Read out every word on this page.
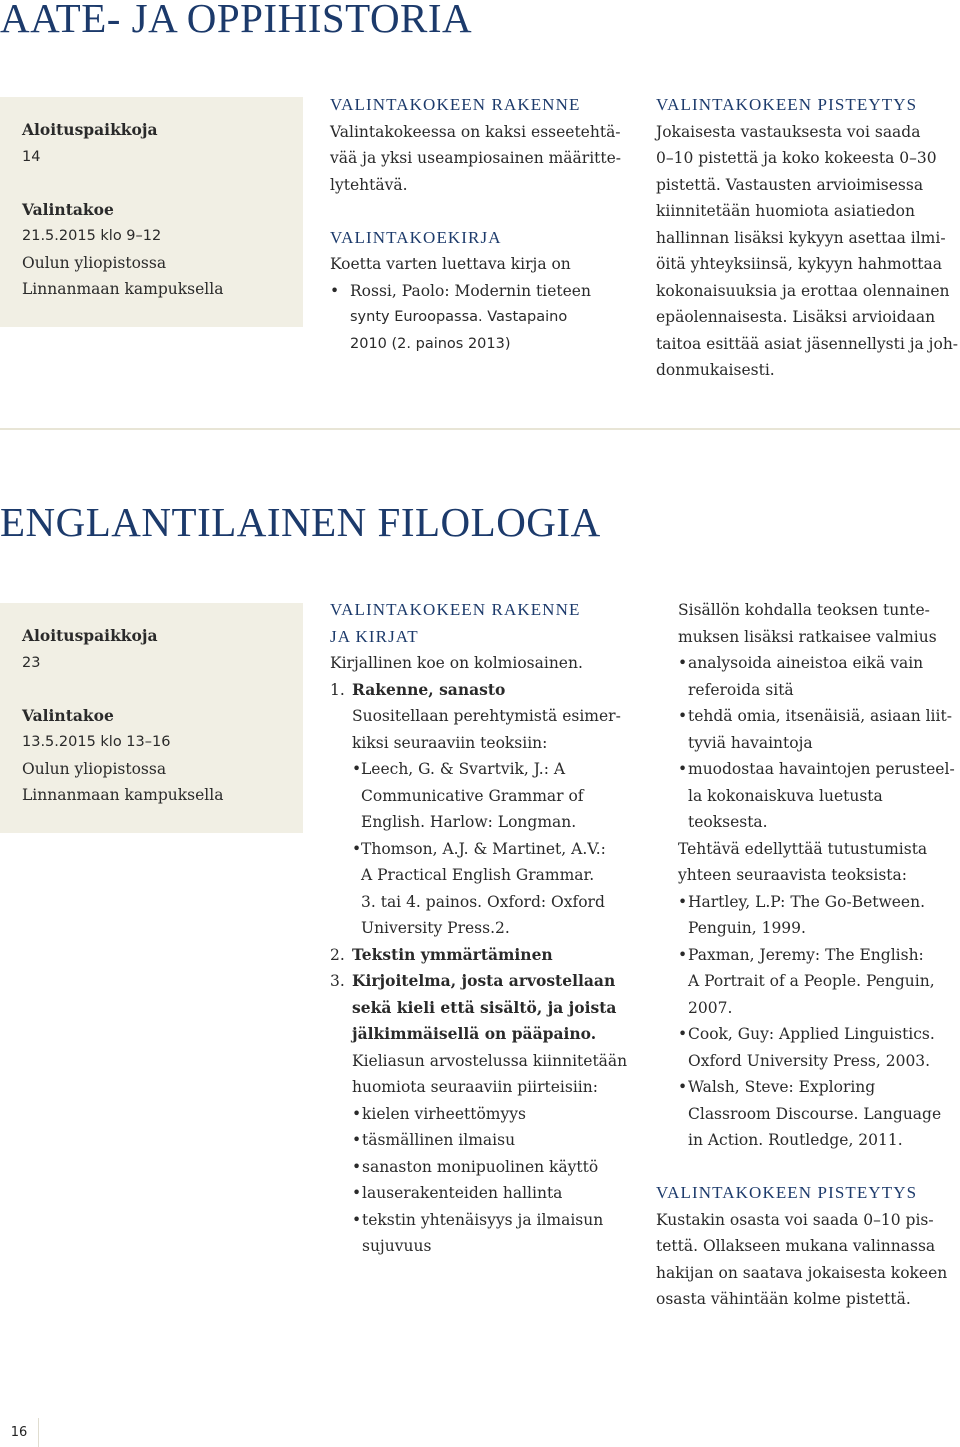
AATE- JA OPPIHISTORIA
Aloituspaikkoja
14
Valintakoe
21.5.2015 klo 9–12
Oulun yliopistossa
Linnanmaan kampuksella
VALINTAKOKEEN RAKENNE
Valintakokeessa on kaksi esseetehtä-
vää ja yksi useampiosainen määritte-
lytehtävä.
VALINTAKOEKIRJA
Koetta varten luettava kirja on
• Rossi, Paolo: Modernin tieteen
synty Euroopassa. Vastapaino
2010 (2. painos 2013)
VALINTAKOKEEN PISTEYTYS
Jokaisesta vastauksesta voi saada
0–10 pistettä ja koko kokeesta 0–30
pistettä. Vastausten arvioimisessa
kiinnitetään huomiota asiatiedon
hallinnan lisäksi kykyyn asettaa ilmi-
öitä yhteyksiinsä, kykyyn hahmottaa
kokonaisuuksia ja erottaa olennainen
epäolennaisesta. Lisäksi arvioidaan
taitoa esittää asiat jäsennellysti ja joh-
donmukaisesti.
ENGLANTILAINEN FILOLOGIA
Aloituspaikkoja
23
Valintakoe
13.5.2015 klo 13–16
Oulun yliopistossa
Linnanmaan kampuksella
VALINTAKOKEEN RAKENNE
JA KIRJAT
Kirjallinen koe on kolmiosainen.
1. Rakenne, sanasto
Suositellaan perehtymistä esimer-
kiksi seuraaviin teoksiin:
• Leech, G. & Svartvik, J.: A
Communicative Grammar of
English. Harlow: Longman.
• Thomson, A.J. & Martinet, A.V.:
A Practical English Grammar.
3. tai 4. painos. Oxford: Oxford
University Press.2.
2. Tekstin ymmärtäminen
3. Kirjoitelma, josta arvostellaan
sekä kieli että sisältö, ja joista
jälkimmäisellä on pääpaino.
Kieliasun arvostelussa kiinnitetään
huomiota seuraaviin piirteisiin:
• kielen virheettömyys
• täsmällinen ilmaisu
• sanaston monipuolinen käyttö
• lauserakenteiden hallinta
• tekstin yhtenäisyys ja ilmaisun
sujuvuus
Sisällön kohdalla teoksen tunte-
muksen lisäksi ratkaisee valmius
• analysoida aineistoa eikä vain
referoida sitä
• tehdä omia, itsenäisiä, asiaan liit-
tyviä havaintoja
• muodostaa havaintojen perusteel-
la kokonaiskuva luetusta teoksesta.
Tehtävä edellyttää tutustumista
yhteen seuraavista teoksista:
• Hartley, L.P: The Go-Between.
Penguin, 1999.
• Paxman, Jeremy: The English:
A Portrait of a People. Penguin,
2007.
• Cook, Guy: Applied Linguistics.
Oxford University Press, 2003.
• Walsh, Steve: Exploring
Classroom Discourse. Language
in Action. Routledge, 2011.
VALINTAKOKEEN PISTEYTYS
Kustakin osasta voi saada 0–10 pis-
tettä. Ollakseen mukana valinnassa
hakijan on saatava jokaisesta kokeen
osasta vähintään kolme pistettä.
16
